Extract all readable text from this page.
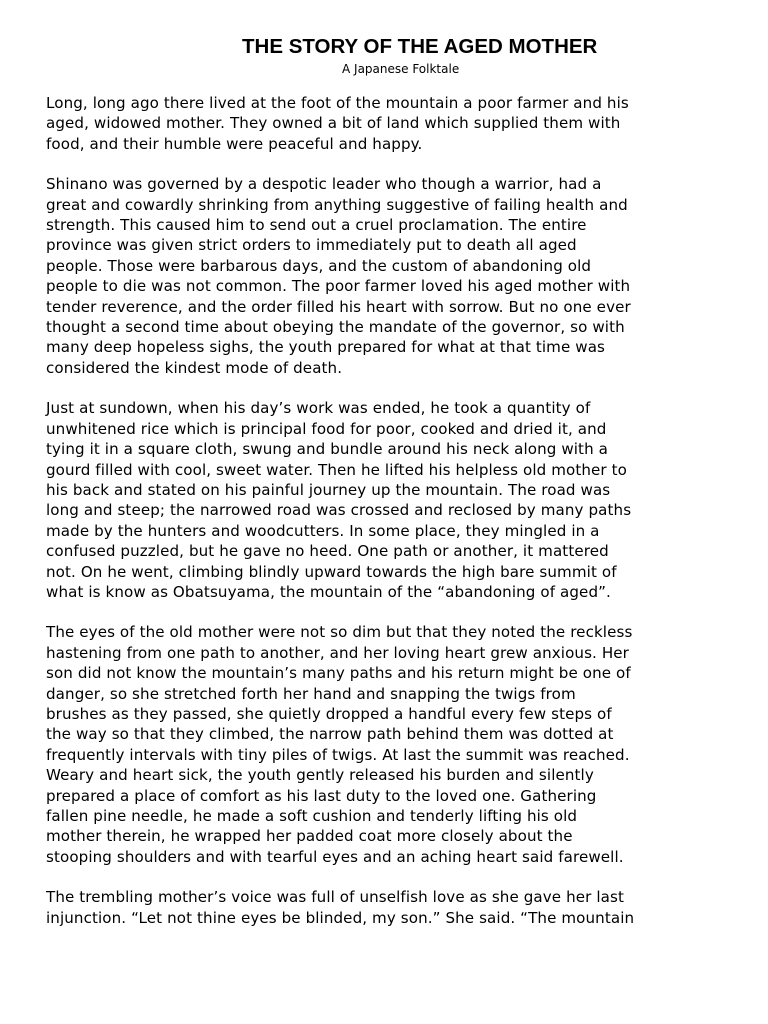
THE STORY OF THE AGED MOTHER
A Japanese Folktale

Long, long ago there lived at the foot of the mountain a poor farmer and his
aged, widowed mother. They owned a bit of land which supplied them with
food, and their humble were peaceful and happy.

Shinano was governed by a despotic leader who though a warrior, had a
great and cowardly shrinking from anything suggestive of failing health and
strength. This caused him to send out a cruel proclamation. The entire
province was given strict orders to immediately put to death all aged
people. Those were barbarous days, and the custom of abandoning old
people to die was not common. The poor farmer loved his aged mother with
tender reverence, and the order filled his heart with sorrow. But no one ever
thought a second time about obeying the mandate of the governor, so with
many deep hopeless sighs, the youth prepared for what at that time was
considered the kindest mode of death.

Just at sundown, when his day’s work was ended, he took a quantity of
unwhitened rice which is principal food for poor, cooked and dried it, and
tying it in a square cloth, swung and bundle around his neck along with a
gourd filled with cool, sweet water. Then he lifted his helpless old mother to
his back and stated on his painful journey up the mountain. The road was
long and steep; the narrowed road was crossed and reclosed by many paths
made by the hunters and woodcutters. In some place, they mingled in a
confused puzzled, but he gave no heed. One path or another, it mattered
not. On he went, climbing blindly upward towards the high bare summit of
what is know as Obatsuyama, the mountain of the “abandoning of aged”.

The eyes of the old mother were not so dim but that they noted the reckless
hastening from one path to another, and her loving heart grew anxious. Her
son did not know the mountain’s many paths and his return might be one of
danger, so she stretched forth her hand and snapping the twigs from
brushes as they passed, she quietly dropped a handful every few steps of
the way so that they climbed, the narrow path behind them was dotted at
frequently intervals with tiny piles of twigs. At last the summit was reached.
Weary and heart sick, the youth gently released his burden and silently
prepared a place of comfort as his last duty to the loved one. Gathering
fallen pine needle, he made a soft cushion and tenderly lifting his old
mother therein, he wrapped her padded coat more closely about the
stooping shoulders and with tearful eyes and an aching heart said farewell.

The trembling mother’s voice was full of unselfish love as she gave her last
injunction. “Let not thine eyes be blinded, my son.” She said. “The mountain
